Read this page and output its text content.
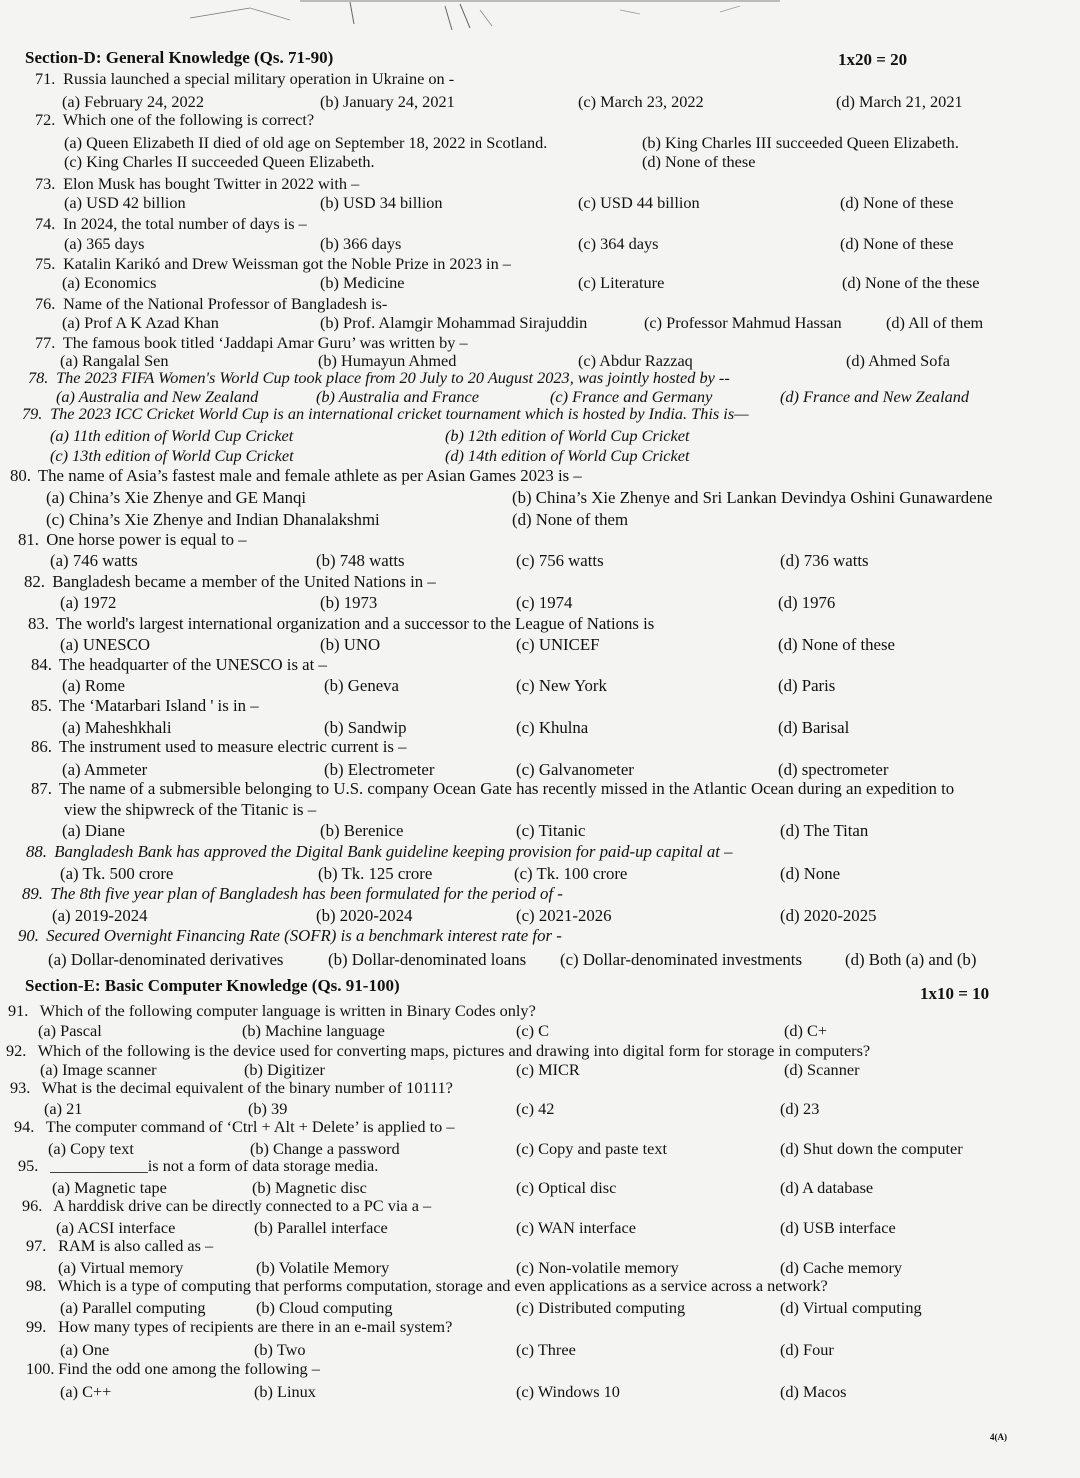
Section-D: General Knowledge (Qs. 71-90)	1x20 = 20
71. Russia launched a special military operation in Ukraine on -
(a) February 24, 2022	(b) January 24, 2021	(c) March 23, 2022	(d) March 21, 2021
72. Which one of the following is correct?
(a) Queen Elizabeth II died of old age on September 18, 2022 in Scotland.	(b) King Charles III succeeded Queen Elizabeth.
(c) King Charles II succeeded Queen Elizabeth.	(d) None of these
73. Elon Musk has bought Twitter in 2022 with –
(a) USD 42 billion	(b) USD 34 billion	(c) USD 44 billion	(d) None of these
74. In 2024, the total number of days is –
(a) 365 days	(b) 366 days	(c) 364 days	(d) None of these
75. Katalin Karikó and Drew Weissman got the Noble Prize in 2023 in –
(a) Economics	(b) Medicine	(c) Literature	(d) None of the these
76. Name of the National Professor of Bangladesh is-
(a) Prof A K Azad Khan	(b) Prof. Alamgir Mohammad Sirajuddin	(c) Professor Mahmud Hassan	(d) All of them
77. The famous book titled ‘Jaddapi Amar Guru’ was written by –
(a) Rangalal Sen	(b) Humayun Ahmed	(c) Abdur Razzaq	(d) Ahmed Sofa
78. The 2023 FIFA Women's World Cup took place from 20 July to 20 August 2023, was jointly hosted by --
(a) Australia and New Zealand	(b) Australia and France	(c) France and Germany	(d) France and New Zealand
79. The 2023 ICC Cricket World Cup is an international cricket tournament which is hosted by India. This is—
(a) 11th edition of World Cup Cricket	(b) 12th edition of World Cup Cricket
(c) 13th edition of World Cup Cricket	(d) 14th edition of World Cup Cricket
80. The name of Asia’s fastest male and female athlete as per Asian Games 2023 is –
(a) China’s Xie Zhenye and GE Manqi	(b) China’s Xie Zhenye and Sri Lankan Devindya Oshini Gunawardene
(c) China’s Xie Zhenye and Indian Dhanalakshmi	(d) None of them
81. One horse power is equal to –
(a) 746 watts	(b) 748 watts	(c) 756 watts	(d) 736 watts
82. Bangladesh became a member of the United Nations in –
(a) 1972	(b) 1973	(c) 1974	(d) 1976
83. The world's largest international organization and a successor to the League of Nations is
(a) UNESCO	(b) UNO	(c) UNICEF	(d) None of these
84. The headquarter of the UNESCO is at –
(a) Rome	(b) Geneva	(c) New York	(d) Paris
85. The ‘Matarbari Island ' is in –
(a) Maheshkhali	(b) Sandwip	(c) Khulna	(d) Barisal
86. The instrument used to measure electric current is –
(a) Ammeter	(b) Electrometer	(c) Galvanometer	(d) spectrometer
87. The name of a submersible belonging to U.S. company Ocean Gate has recently missed in the Atlantic Ocean during an expedition to
view the shipwreck of the Titanic is –
(a) Diane	(b) Berenice	(c) Titanic	(d) The Titan
88. Bangladesh Bank has approved the Digital Bank guideline keeping provision for paid-up capital at –
(a) Tk. 500 crore	(b) Tk. 125 crore	(c) Tk. 100 crore	(d) None
89. The 8th five year plan of Bangladesh has been formulated for the period of -
(a) 2019-2024	(b) 2020-2024	(c) 2021-2026	(d) 2020-2025
90. Secured Overnight Financing Rate (SOFR) is a benchmark interest rate for -
(a) Dollar-denominated derivatives	(b) Dollar-denominated loans (c) Dollar-denominated investments	(d) Both (a) and (b)
Section-E: Basic Computer Knowledge (Qs. 91-100)	1x10 = 10
91. Which of the following computer language is written in Binary Codes only?
(a) Pascal	(b) Machine language	(c) C	(d) C+
92. Which of the following is the device used for converting maps, pictures and drawing into digital form for storage in computers?
(a) Image scanner	(b) Digitizer	(c) MICR	(d) Scanner
93. What is the decimal equivalent of the binary number of 10111?
(a) 21	(b) 39	(c) 42	(d) 23
94. The computer command of ‘Ctrl + Alt + Delete’ is applied to –
(a) Copy text	(b) Change a password	(c) Copy and paste text	(d) Shut down the computer
95. ____________is not a form of data storage media.
(a) Magnetic tape	(b) Magnetic disc	(c) Optical disc	(d) A database
96. A harddisk drive can be directly connected to a PC via a –
(a) ACSI interface	(b) Parallel interface	(c) WAN interface	(d) USB interface
97. RAM is also called as –
(a) Virtual memory	(b) Volatile Memory	(c) Non-volatile memory	(d) Cache memory
98. Which is a type of computing that performs computation, storage and even applications as a service across a network?
(a) Parallel computing	(b) Cloud computing	(c) Distributed computing	(d) Virtual computing
99. How many types of recipients are there in an e-mail system?
(a) One	(b) Two	(c) Three	(d) Four
100. Find the odd one among the following –
(a) C++	(b) Linux	(c) Windows 10	(d) Macos
4(A)
